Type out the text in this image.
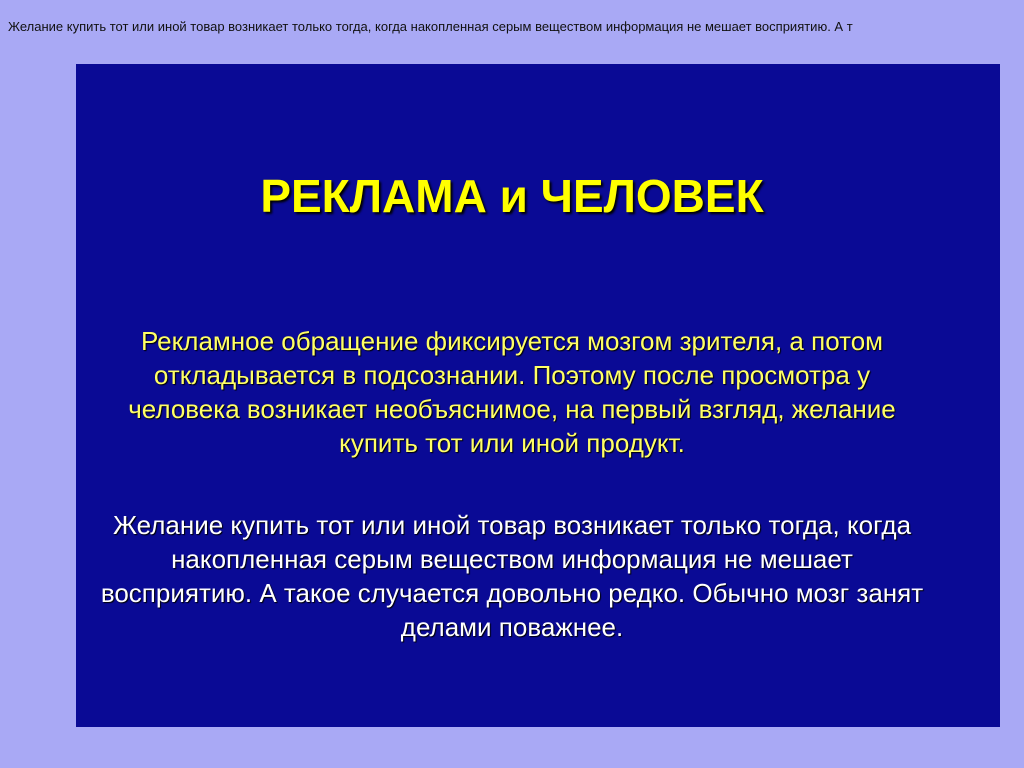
Желание купить тот или иной товар возникает только тогда, когда накопленная серым веществом информация не мешает восприятию. А т
РЕКЛАМА и ЧЕЛОВЕК

Рекламное обращение фиксируется мозгом зрителя, а потом
откладывается в подсознании. Поэтому после просмотра у
человека возникает необъяснимое, на первый взгляд, желание
купить тот или иной продукт.

Желание купить тот или иной товар возникает только тогда, когда
накопленная серым веществом информация не мешает
восприятию. А такое случается довольно редко. Обычно мозг занят
делами поважнее.
